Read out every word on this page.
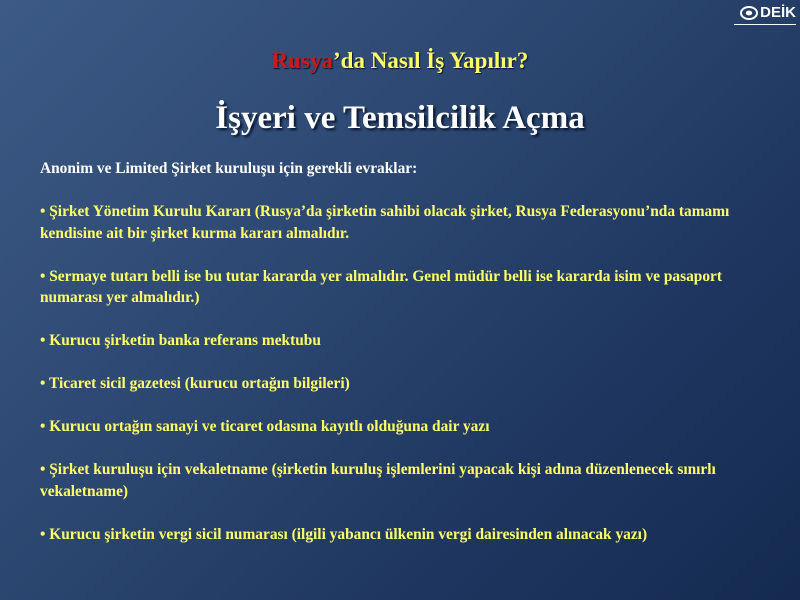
DEİK
Rusya’da Nasıl İş Yapılır?
İşyeri ve Temsilcilik Açma

Anonim ve Limited Şirket kuruluşu için gerekli evraklar:

• Şirket Yönetim Kurulu Kararı (Rusya’da şirketin sahibi olacak şirket, Rusya Federasyonu’nda tamamı kendisine ait bir şirket kurma kararı almalıdır.

• Sermaye tutarı belli ise bu tutar kararda yer almalıdır. Genel müdür belli ise kararda isim ve pasaport numarası yer almalıdır.)

• Kurucu şirketin banka referans mektubu

• Ticaret sicil gazetesi (kurucu ortağın bilgileri)

• Kurucu ortağın sanayi ve ticaret odasına kayıtlı olduğuna dair yazı

• Şirket kuruluşu için vekaletname (şirketin kuruluş işlemlerini yapacak kişi adına düzenlenecek sınırlı vekaletname)

• Kurucu şirketin vergi sicil numarası (ilgili yabancı ülkenin vergi dairesinden alınacak yazı)
